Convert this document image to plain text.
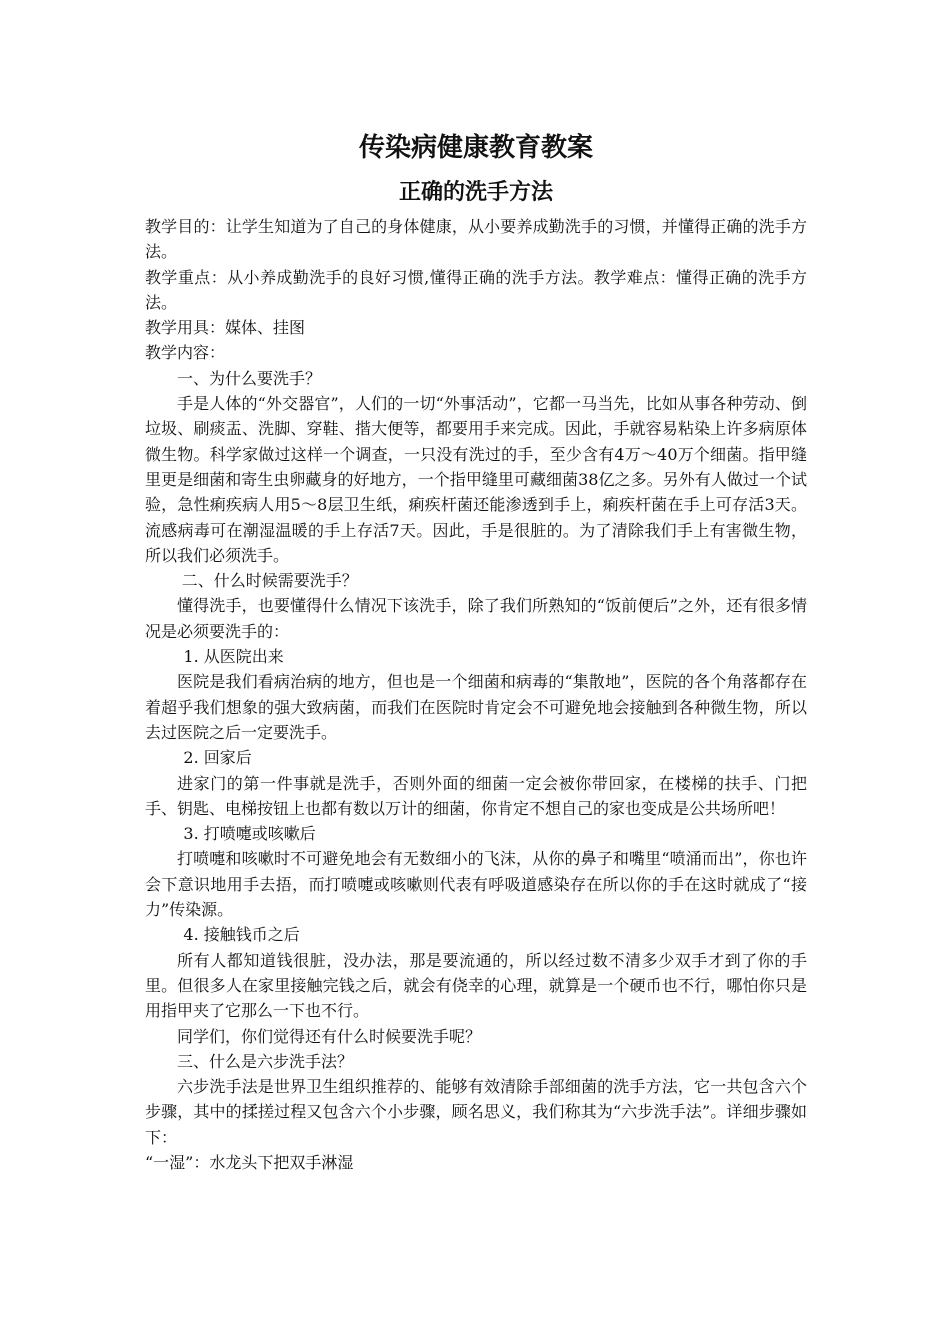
传染病健康教育教案
正确的洗手方法

教学目的：让学生知道为了自己的身体健康，从小要养成勤洗手的习惯，并懂得正确的洗手方法。

教学重点：从小养成勤洗手的良好习惯,懂得正确的洗手方法。教学难点：懂得正确的洗手方法。

教学用具：媒体、挂图

教学内容：

一、为什么要洗手？

手是人体的“外交器官”，人们的一切“外事活动”，它都一马当先，比如从事各种劳动、倒垃圾、刷痰盂、洗脚、穿鞋、揩大便等，都要用手来完成。因此，手就容易粘染上许多病原体微生物。科学家做过这样一个调查，一只没有洗过的手，至少含有4万～40万个细菌。指甲缝里更是细菌和寄生虫卵藏身的好地方，一个指甲缝里可藏细菌38亿之多。另外有人做过一个试验，急性痢疾病人用5～8层卫生纸，痢疾杆菌还能渗透到手上，痢疾杆菌在手上可存活3天。流感病毒可在潮湿温暖的手上存活7天。因此，手是很脏的。为了清除我们手上有害微生物，所以我们必须洗手。

二、什么时候需要洗手？

懂得洗手，也要懂得什么情况下该洗手，除了我们所熟知的“饭前便后”之外，还有很多情况是必须要洗手的：

1. 从医院出来

医院是我们看病治病的地方，但也是一个细菌和病毒的“集散地”，医院的各个角落都存在着超乎我们想象的强大致病菌，而我们在医院时肯定会不可避免地会接触到各种微生物，所以去过医院之后一定要洗手。

2. 回家后

进家门的第一件事就是洗手，否则外面的细菌一定会被你带回家，在楼梯的扶手、门把手、钥匙、电梯按钮上也都有数以万计的细菌，你肯定不想自己的家也变成是公共场所吧！

3. 打喷嚏或咳嗽后

打喷嚏和咳嗽时不可避免地会有无数细小的飞沫，从你的鼻子和嘴里“喷涌而出”，你也许会下意识地用手去捂，而打喷嚏或咳嗽则代表有呼吸道感染存在所以你的手在这时就成了“接力”传染源。

4. 接触钱币之后

所有人都知道钱很脏，没办法，那是要流通的，所以经过数不清多少双手才到了你的手里。但很多人在家里接触完钱之后，就会有侥幸的心理，就算是一个硬币也不行，哪怕你只是用指甲夹了它那么一下也不行。

同学们，你们觉得还有什么时候要洗手呢？

三、什么是六步洗手法？

六步洗手法是世界卫生组织推荐的、能够有效清除手部细菌的洗手方法，它一共包含六个步骤，其中的揉搓过程又包含六个小步骤，顾名思义，我们称其为“六步洗手法”。详细步骤如下：

“一湿”：水龙头下把双手淋湿
